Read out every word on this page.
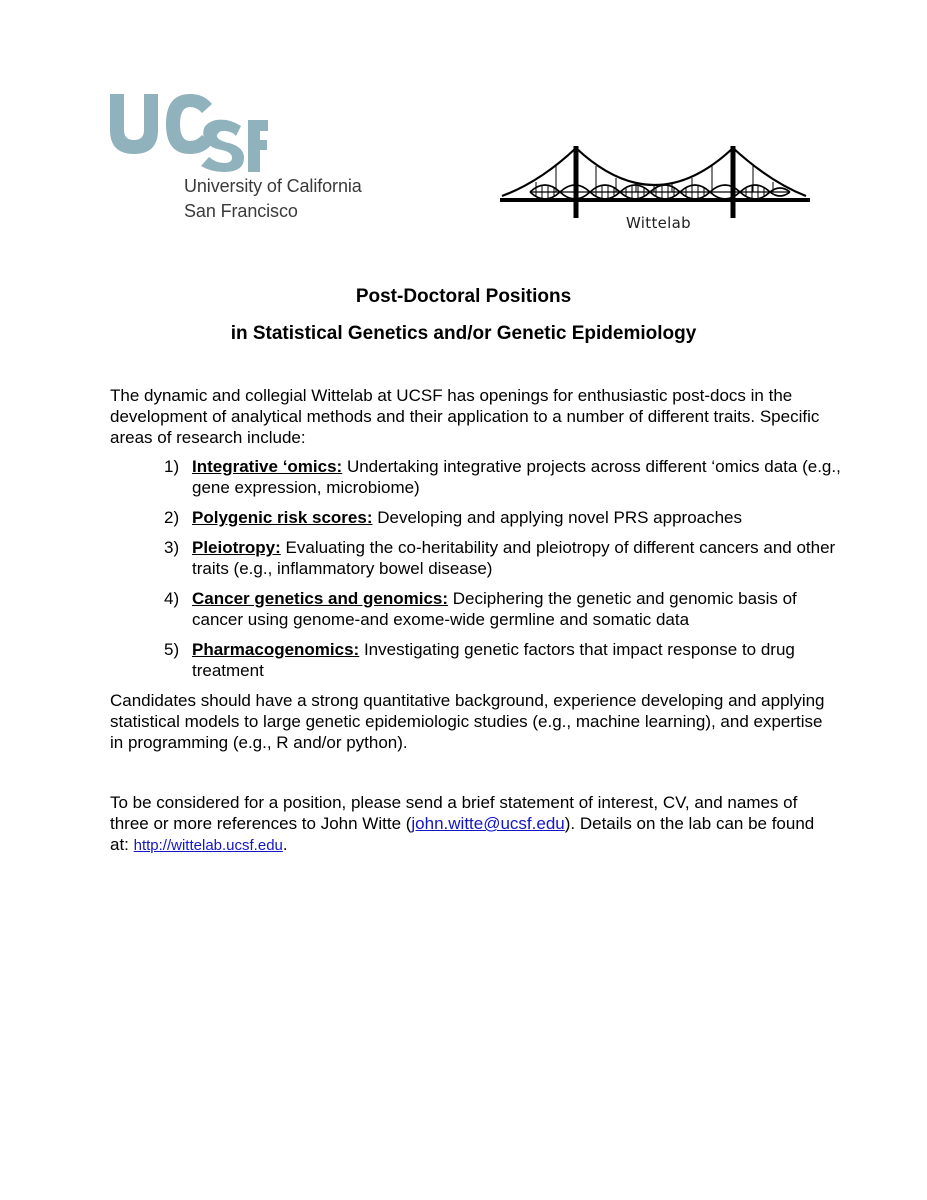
University of California
San Francisco
Wittelab
Post-Doctoral Positions
in Statistical Genetics and/or Genetic Epidemiology
The dynamic and collegial Wittelab at UCSF has openings for enthusiastic post-docs in the development of analytical methods and their application to a number of different traits. Specific areas of research include:
1) Integrative ‘omics: Undertaking integrative projects across different ‘omics data (e.g., gene expression, microbiome)
2) Polygenic risk scores: Developing and applying novel PRS approaches
3) Pleiotropy: Evaluating the co-heritability and pleiotropy of different cancers and other traits (e.g., inflammatory bowel disease)
4) Cancer genetics and genomics: Deciphering the genetic and genomic basis of cancer using genome-and exome-wide germline and somatic data
5) Pharmacogenomics: Investigating genetic factors that impact response to drug treatment
Candidates should have a strong quantitative background, experience developing and applying statistical models to large genetic epidemiologic studies (e.g., machine learning), and expertise in programming (e.g., R and/or python).
To be considered for a position, please send a brief statement of interest, CV, and names of three or more references to John Witte (john.witte@ucsf.edu). Details on the lab can be found at: http://wittelab.ucsf.edu.
